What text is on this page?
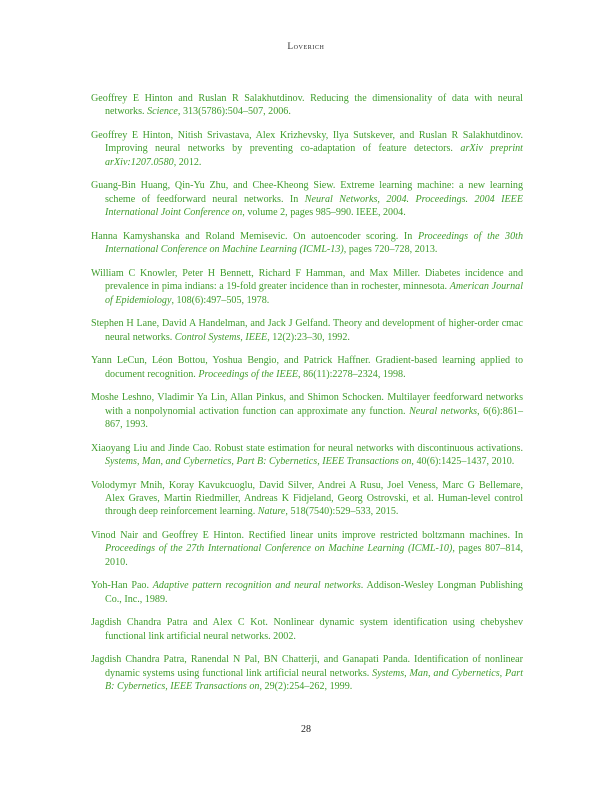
Loverich
Geoffrey E Hinton and Ruslan R Salakhutdinov. Reducing the dimensionality of data with neural networks. Science, 313(5786):504–507, 2006.
Geoffrey E Hinton, Nitish Srivastava, Alex Krizhevsky, Ilya Sutskever, and Ruslan R Salakhutdinov. Improving neural networks by preventing co-adaptation of feature detectors. arXiv preprint arXiv:1207.0580, 2012.
Guang-Bin Huang, Qin-Yu Zhu, and Chee-Kheong Siew. Extreme learning machine: a new learning scheme of feedforward neural networks. In Neural Networks, 2004. Proceedings. 2004 IEEE International Joint Conference on, volume 2, pages 985–990. IEEE, 2004.
Hanna Kamyshanska and Roland Memisevic. On autoencoder scoring. In Proceedings of the 30th International Conference on Machine Learning (ICML-13), pages 720–728, 2013.
William C Knowler, Peter H Bennett, Richard F Hamman, and Max Miller. Diabetes incidence and prevalence in pima indians: a 19-fold greater incidence than in rochester, minnesota. American Journal of Epidemiology, 108(6):497–505, 1978.
Stephen H Lane, David A Handelman, and Jack J Gelfand. Theory and development of higher-order cmac neural networks. Control Systems, IEEE, 12(2):23–30, 1992.
Yann LeCun, Léon Bottou, Yoshua Bengio, and Patrick Haffner. Gradient-based learning applied to document recognition. Proceedings of the IEEE, 86(11):2278–2324, 1998.
Moshe Leshno, Vladimir Ya Lin, Allan Pinkus, and Shimon Schocken. Multilayer feedforward networks with a nonpolynomial activation function can approximate any function. Neural networks, 6(6):861–867, 1993.
Xiaoyang Liu and Jinde Cao. Robust state estimation for neural networks with discontinuous activations. Systems, Man, and Cybernetics, Part B: Cybernetics, IEEE Transactions on, 40(6):1425–1437, 2010.
Volodymyr Mnih, Koray Kavukcuoglu, David Silver, Andrei A Rusu, Joel Veness, Marc G Bellemare, Alex Graves, Martin Riedmiller, Andreas K Fidjeland, Georg Ostrovski, et al. Human-level control through deep reinforcement learning. Nature, 518(7540):529–533, 2015.
Vinod Nair and Geoffrey E Hinton. Rectified linear units improve restricted boltzmann machines. In Proceedings of the 27th International Conference on Machine Learning (ICML-10), pages 807–814, 2010.
Yoh-Han Pao. Adaptive pattern recognition and neural networks. Addison-Wesley Longman Publishing Co., Inc., 1989.
Jagdish Chandra Patra and Alex C Kot. Nonlinear dynamic system identification using chebyshev functional link artificial neural networks. 2002.
Jagdish Chandra Patra, Ranendal N Pal, BN Chatterji, and Ganapati Panda. Identification of nonlinear dynamic systems using functional link artificial neural networks. Systems, Man, and Cybernetics, Part B: Cybernetics, IEEE Transactions on, 29(2):254–262, 1999.
28
